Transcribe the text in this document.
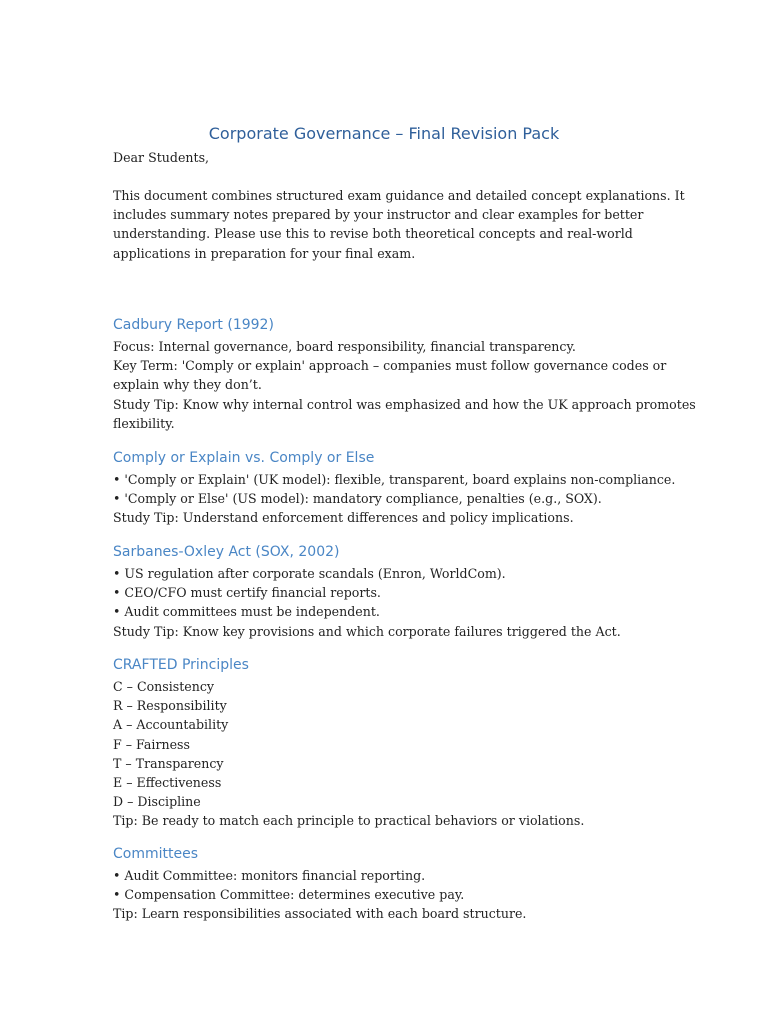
Corporate Governance – Final Revision Pack
Dear Students,
This document combines structured exam guidance and detailed concept explanations. It
includes summary notes prepared by your instructor and clear examples for better
understanding. Please use this to revise both theoretical concepts and real-world
applications in preparation for your final exam.
Cadbury Report (1992)
Focus: Internal governance, board responsibility, financial transparency.
Key Term: 'Comply or explain' approach – companies must follow governance codes or
explain why they don’t.
Study Tip: Know why internal control was emphasized and how the UK approach promotes
flexibility.
Comply or Explain vs. Comply or Else
• 'Comply or Explain' (UK model): flexible, transparent, board explains non-compliance.
• 'Comply or Else' (US model): mandatory compliance, penalties (e.g., SOX).
Study Tip: Understand enforcement differences and policy implications.
Sarbanes-Oxley Act (SOX, 2002)
• US regulation after corporate scandals (Enron, WorldCom).
• CEO/CFO must certify financial reports.
• Audit committees must be independent.
Study Tip: Know key provisions and which corporate failures triggered the Act.
CRAFTED Principles
C – Consistency
R – Responsibility
A – Accountability
F – Fairness
T – Transparency
E – Effectiveness
D – Discipline
Tip: Be ready to match each principle to practical behaviors or violations.
Committees
• Audit Committee: monitors financial reporting.
• Compensation Committee: determines executive pay.
Tip: Learn responsibilities associated with each board structure.
